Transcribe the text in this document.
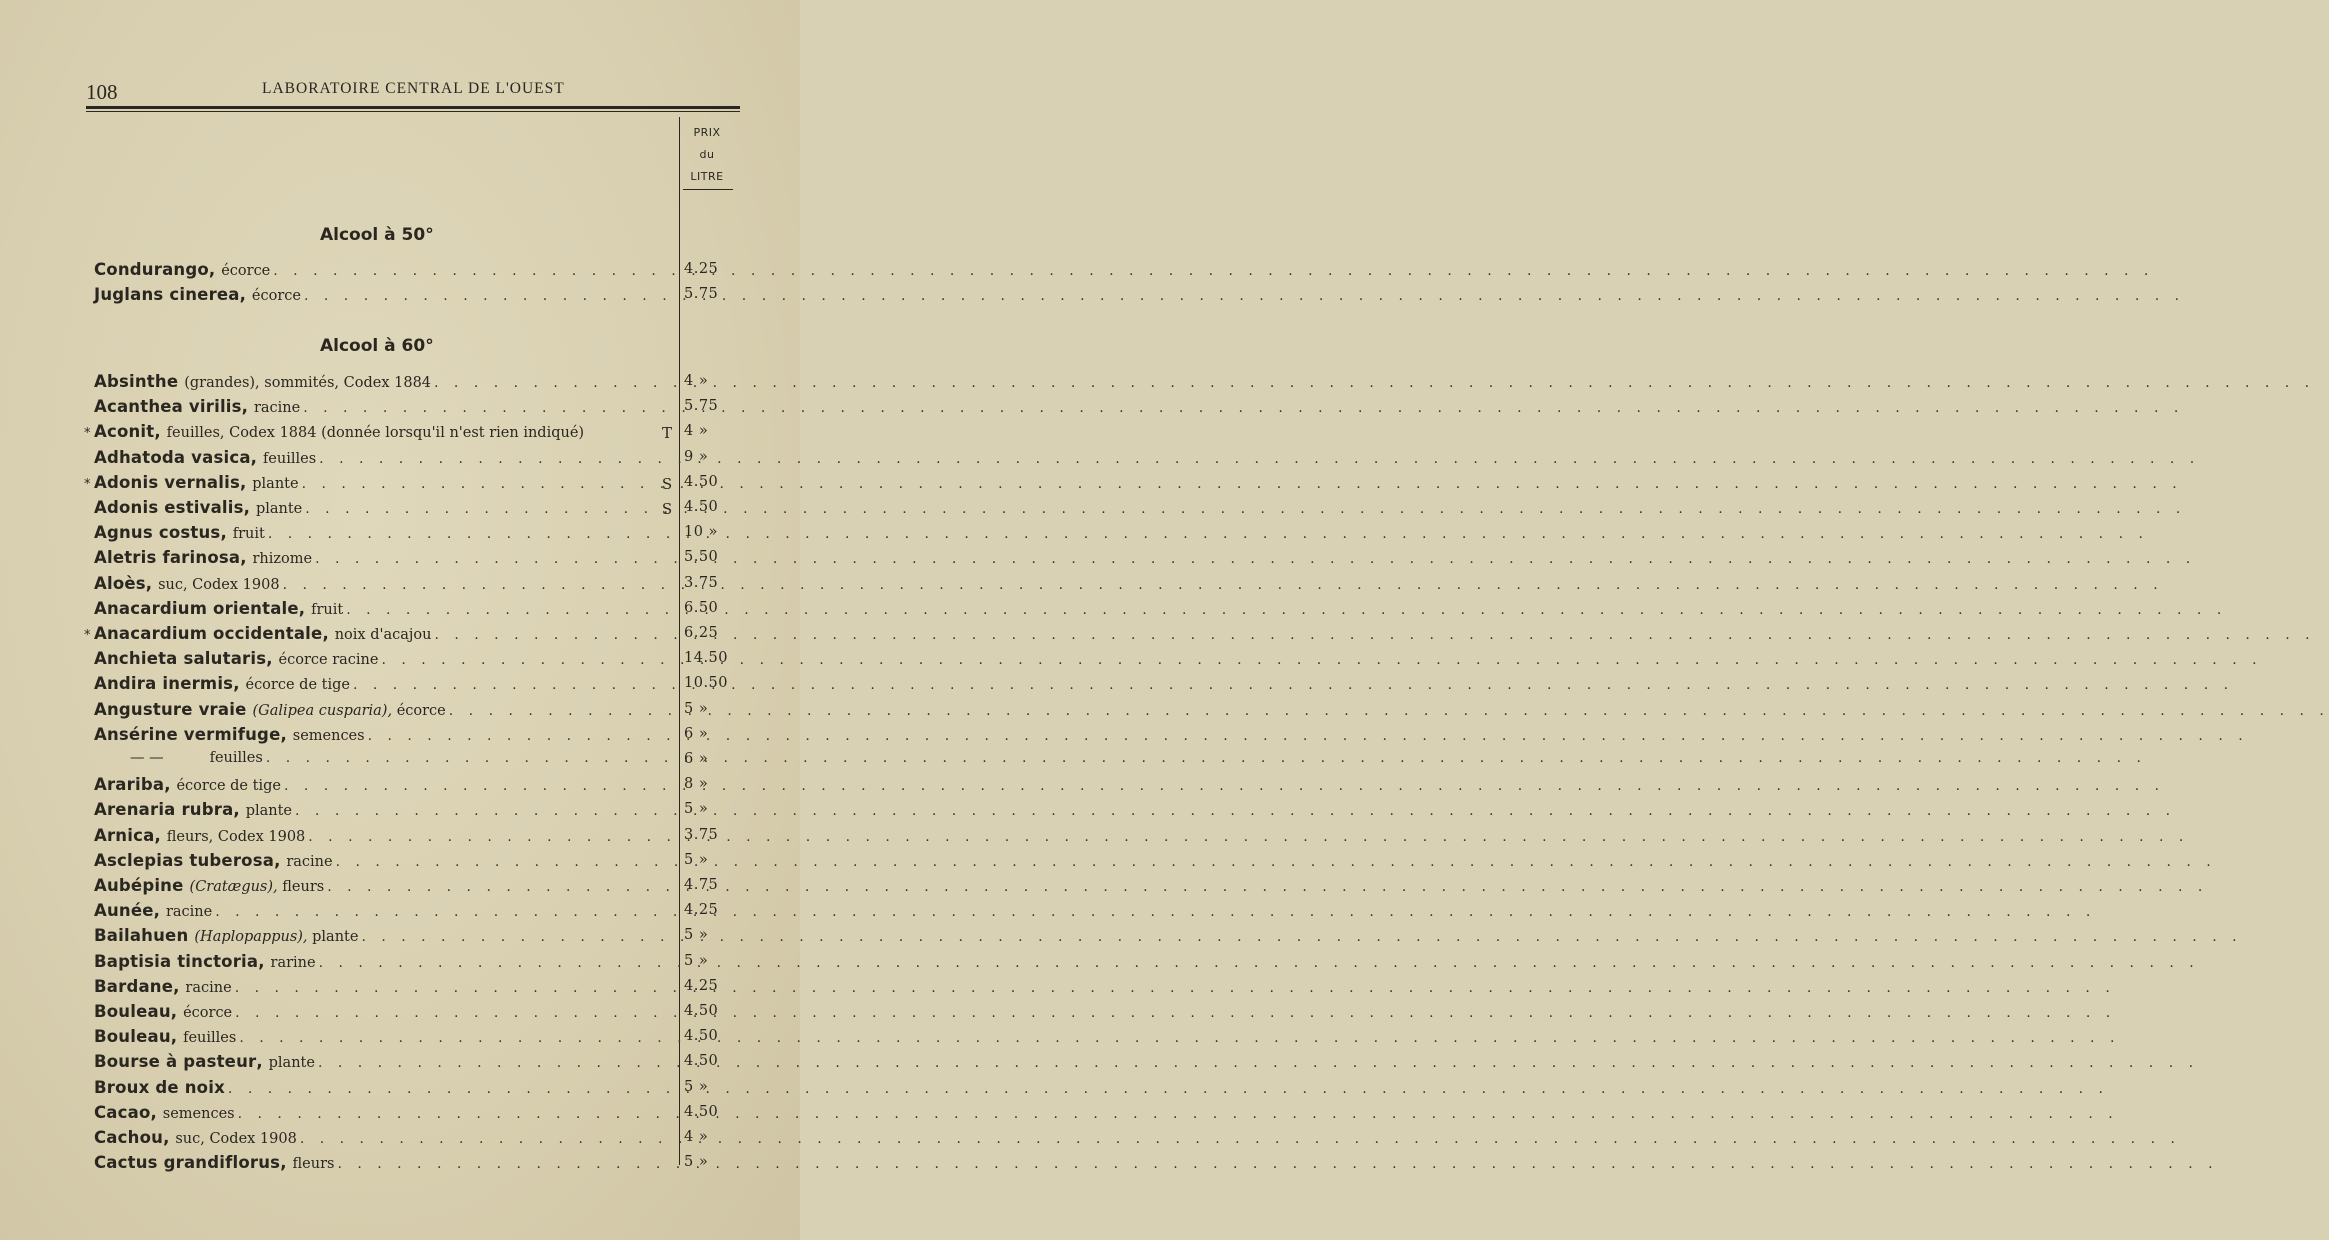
108	LABORATOIRE CENTRAL DE L'OUEST
PRIX
du
LITRE
Alcool à 50°
Condurango , écorce . . .	4.25
Juglans cinerea , écorce . . .	5.75
Alcool à 60°
Absinthe (grandes), sommités, Codex 1884 . . .	4 »
Acanthea virilis , racine . . .	5.75
* Aconit , feuilles, Codex 1884 (donnée lorsqu'il n'est rien indiqué)	T 4 »
Adhatoda vasica , feuilles . . .	9 »
* Adonis vernalis , plante . . .	S 4.50
Adonis estivalis , plante . . .	S 4.50
Agnus costus , fruit . . .	10 »
Aletris farinosa , rhizome . . .	5.50
Aloès , suc, Codex 1908 . . .	3.75
Anacardium orientale , fruit . . .	6.50
* Anacardium occidentale , noix d'acajou . . .	6.25
Anchieta salutaris , écorce racine . . .	14.50
Andira inermis , écorce de tige . . .	10.50
Angusture vraie (Galipea cusparia), écorce . . .	5 »
Ansérine vermifuge , semences . . .	6 »
— —	feuilles . . .	6 »
Arariba , écorce de tige . . .	8 »
Arenaria rubra , plante . . .	5 »
Arnica , fleurs, Codex 1908 . . .	3.75
Asclepias tuberosa , racine . . .	5 »
Aubépine (Cratægus), fleurs . . .	4.75
Aunée , racine . . .	4.25
Bailahuen (Haplopappus), plante . . .	5 »
Baptisia tinctoria , rarine . . .	5 »
Bardane , racine . . .	4.25
Bouleau , écorce . . .	4.50
Bouleau , feuilles . . .	4.50
Bourse à pasteur , plante . . .	4.50
Broux de noix . . .	5 »
Cacao , semences . . .	4.50
Cachou , suc, Codex 1908 . . .	4 »
Cactus grandiflorus , fleurs . . .	5 »
